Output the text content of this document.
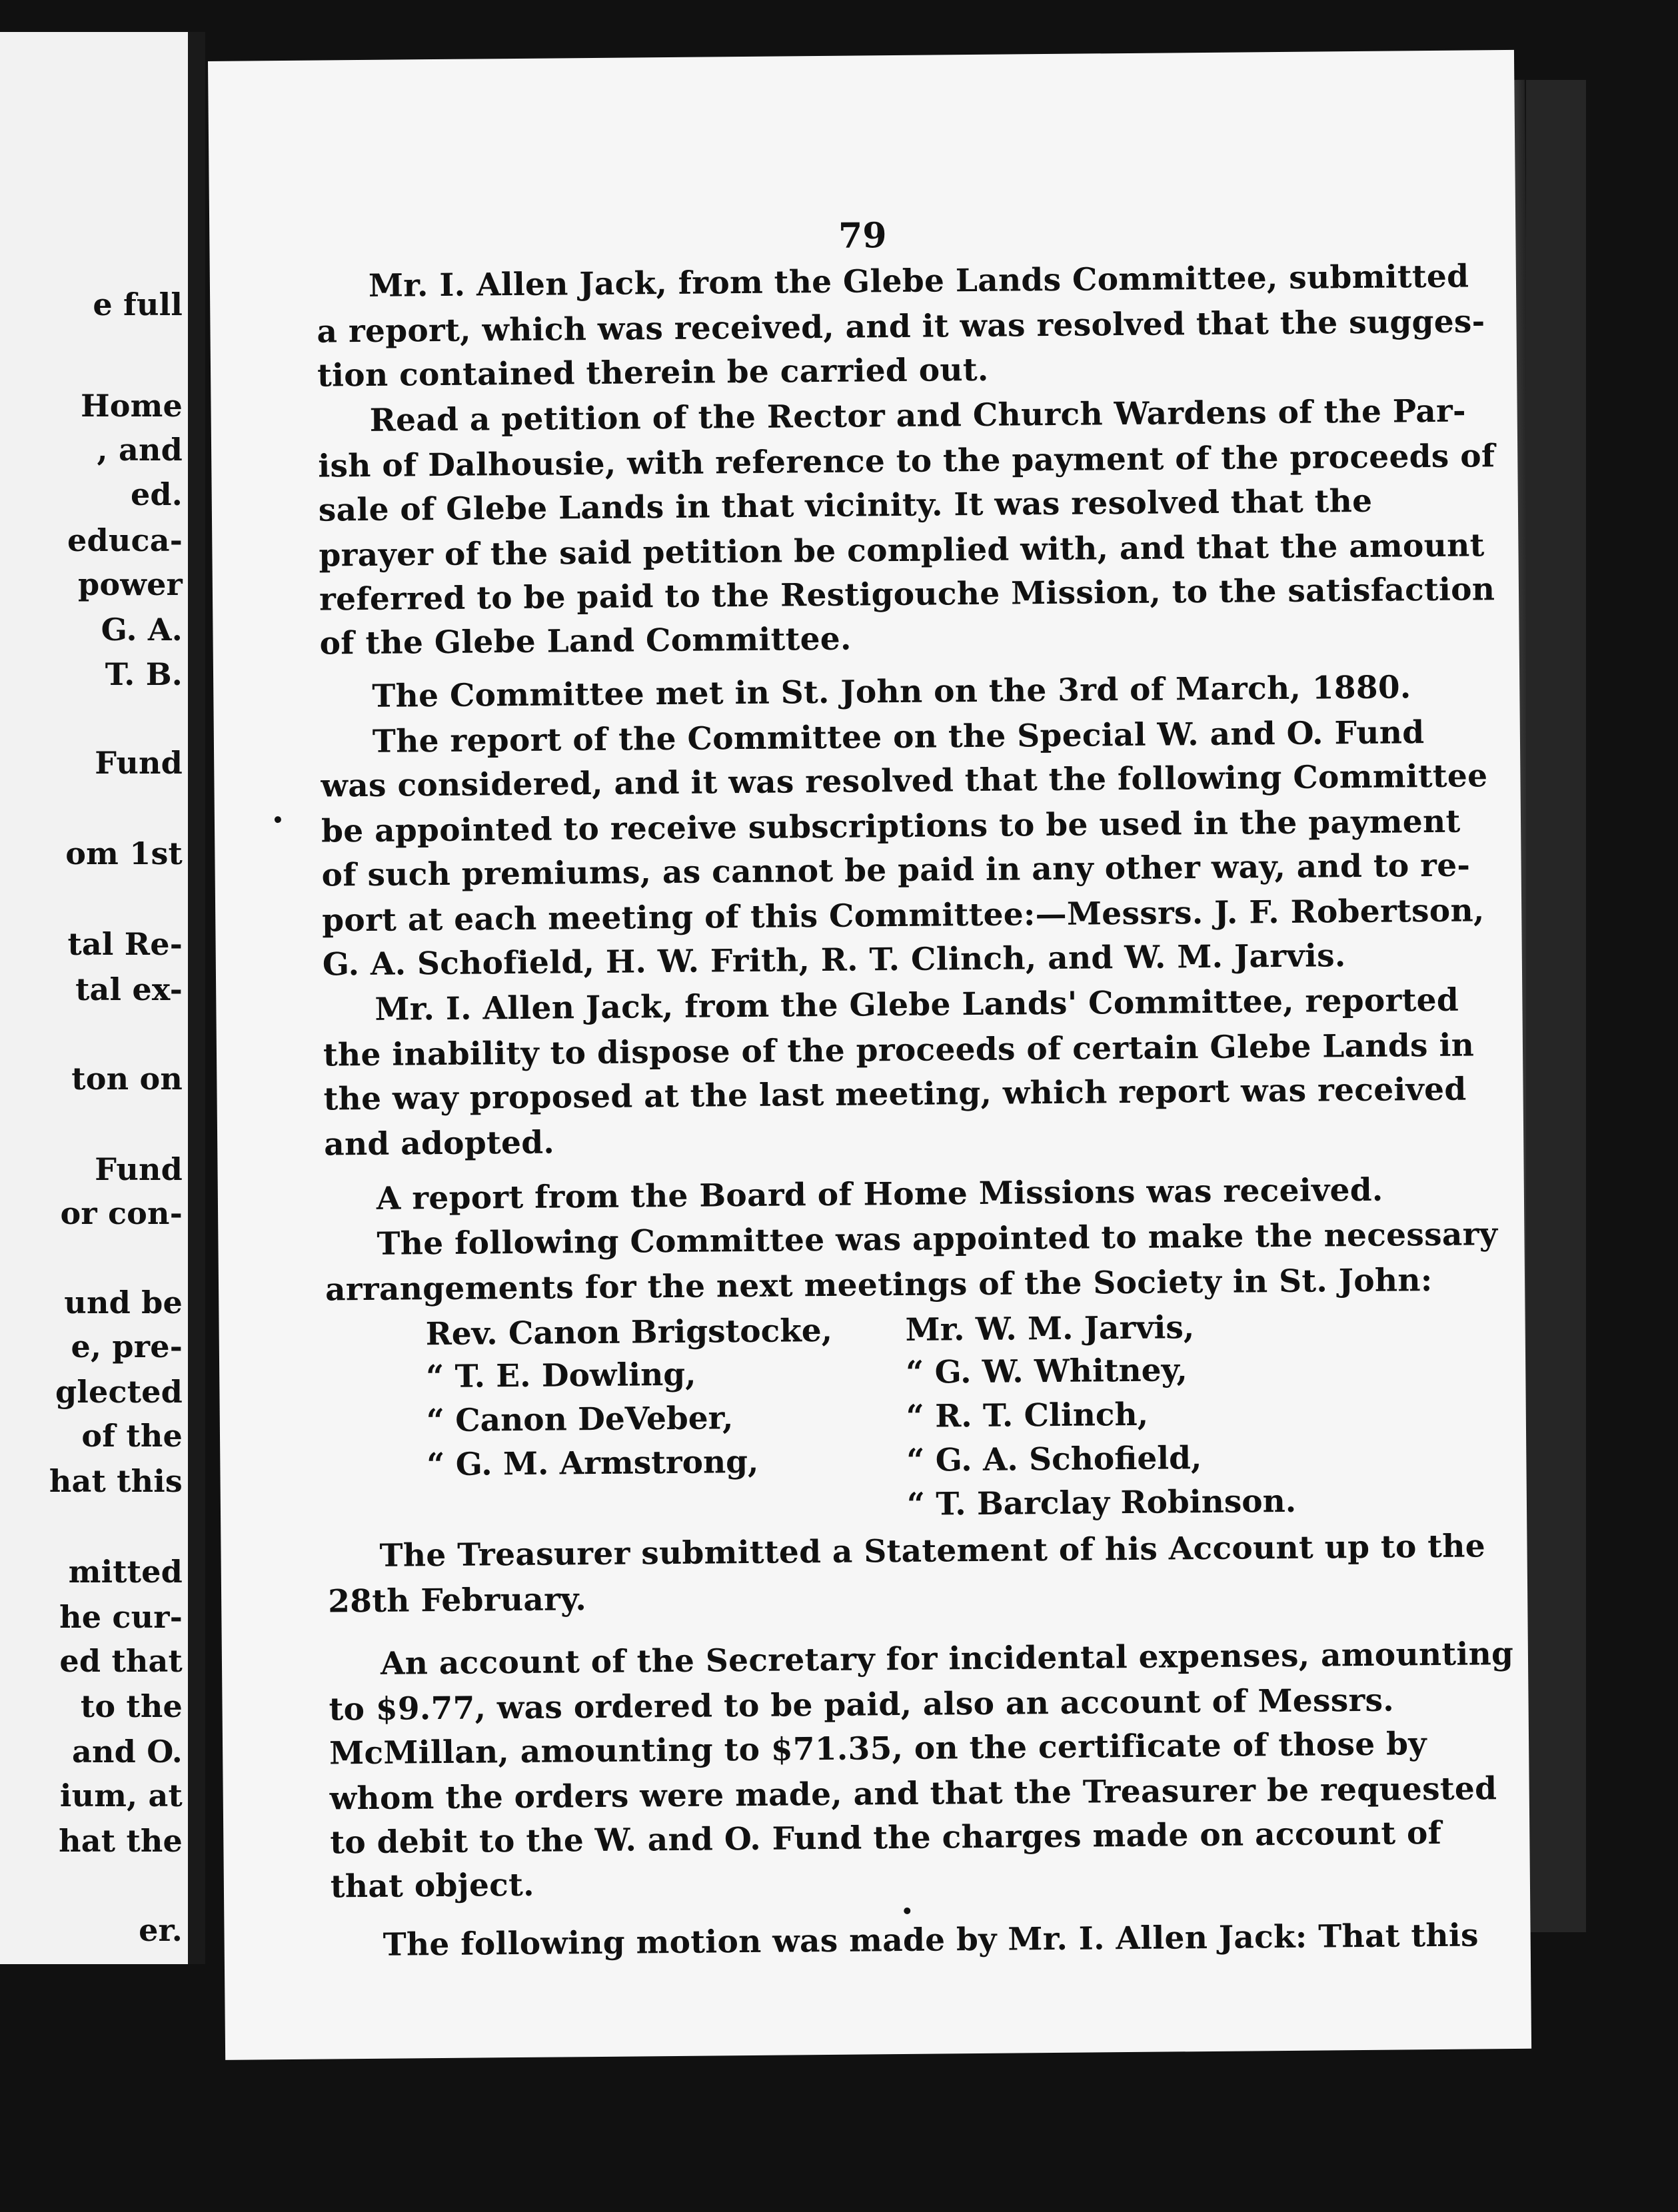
e full

Home

, and

ed.

educa-

power

G. A.

T. B.

Fund

om 1st

tal Re-

tal ex-

ton on

Fund

or con-

und be

e, pre-

glected

of the

hat this

mitted

he cur-

ed that

to the

and O.

ium, at

hat the

er.

79

Mr. I. Allen Jack, from the Glebe Lands Committee, submitted

a report, which was received, and it was resolved that the sugges-

tion contained therein be carried out.

Read a petition of the Rector and Church Wardens of the Par-

ish of Dalhousie, with reference to the payment of the proceeds of

sale of Glebe Lands in that vicinity. It was resolved that the

prayer of the said petition be complied with, and that the amount

referred to be paid to the Restigouche Mission, to the satisfaction

of the Glebe Land Committee.

The Committee met in St. John on the 3rd of March, 1880.

The report of the Committee on the Special W. and O. Fund

was considered, and it was resolved that the following Committee

be appointed to receive subscriptions to be used in the payment

of such premiums, as cannot be paid in any other way, and to re-

port at each meeting of this Committee:—Messrs. J. F. Robertson,

G. A. Schofield, H. W. Frith, R. T. Clinch, and W. M. Jarvis.

Mr. I. Allen Jack, from the Glebe Lands' Committee, reported

the inability to dispose of the proceeds of certain Glebe Lands in

the way proposed at the last meeting, which report was received

and adopted.

A report from the Board of Home Missions was received.

The following Committee was appointed to make the necessary

arrangements for the next meetings of the Society in St. John:

Rev. Canon Brigstocke,

“ T. E. Dowling,

“ Canon DeVeber,

“ G. M. Armstrong,

Mr. W. M. Jarvis,

“ G. W. Whitney,

“ R. T. Clinch,

“ G. A. Schofield,

“ T. Barclay Robinson.

The Treasurer submitted a Statement of his Account up to the

28th February.

An account of the Secretary for incidental expenses, amounting

to $9.77, was ordered to be paid, also an account of Messrs.

McMillan, amounting to $71.35, on the certificate of those by

whom the orders were made, and that the Treasurer be requested

to debit to the W. and O. Fund the charges made on account of

that object.

The following motion was made by Mr. I. Allen Jack: That this
